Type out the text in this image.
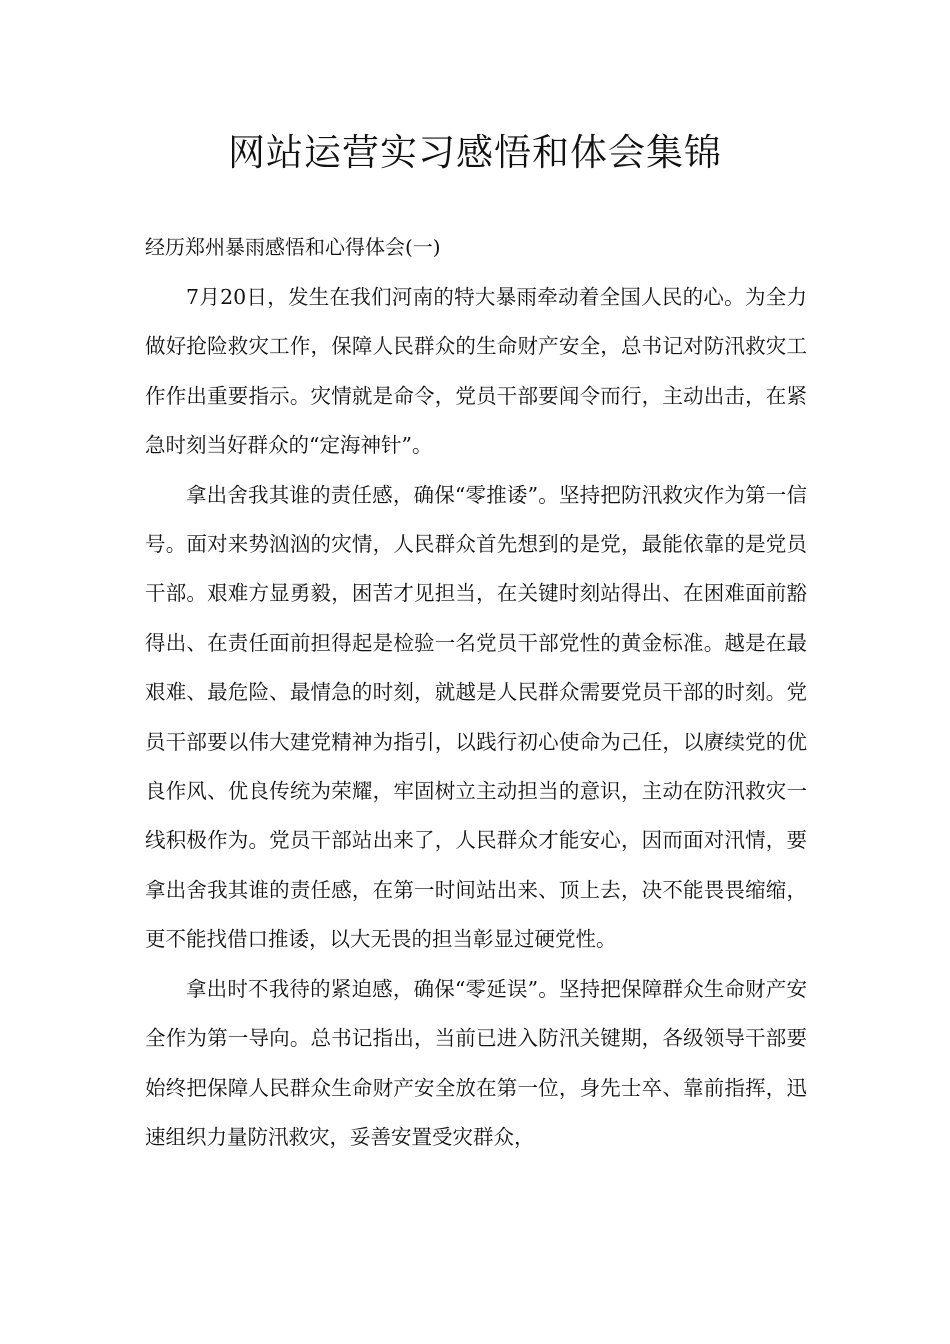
网站运营实习感悟和体会集锦

经历郑州暴雨感悟和心得体会(一)

7月20日，发生在我们河南的特大暴雨牵动着全国人民的心。为全力做好抢险救灾工作，保障人民群众的生命财产安全，总书记对防汛救灾工作作出重要指示。灾情就是命令，党员干部要闻令而行，主动出击，在紧急时刻当好群众的“定海神针”。

拿出舍我其谁的责任感，确保“零推诿”。坚持把防汛救灾作为第一信号。面对来势汹汹的灾情，人民群众首先想到的是党，最能依靠的是党员干部。艰难方显勇毅，困苦才见担当，在关键时刻站得出、在困难面前豁得出、在责任面前担得起是检验一名党员干部党性的黄金标准。越是在最艰难、最危险、最情急的时刻，就越是人民群众需要党员干部的时刻。党员干部要以伟大建党精神为指引，以践行初心使命为己任，以赓续党的优良作风、优良传统为荣耀，牢固树立主动担当的意识，主动在防汛救灾一线积极作为。党员干部站出来了，人民群众才能安心，因而面对汛情，要拿出舍我其谁的责任感，在第一时间站出来、顶上去，决不能畏畏缩缩，更不能找借口推诿，以大无畏的担当彰显过硬党性。

拿出时不我待的紧迫感，确保“零延误”。坚持把保障群众生命财产安全作为第一导向。总书记指出，当前已进入防汛关键期，各级领导干部要始终把保障人民群众生命财产安全放在第一位，身先士卒、靠前指挥，迅速组织力量防汛救灾，妥善安置受灾群众，
